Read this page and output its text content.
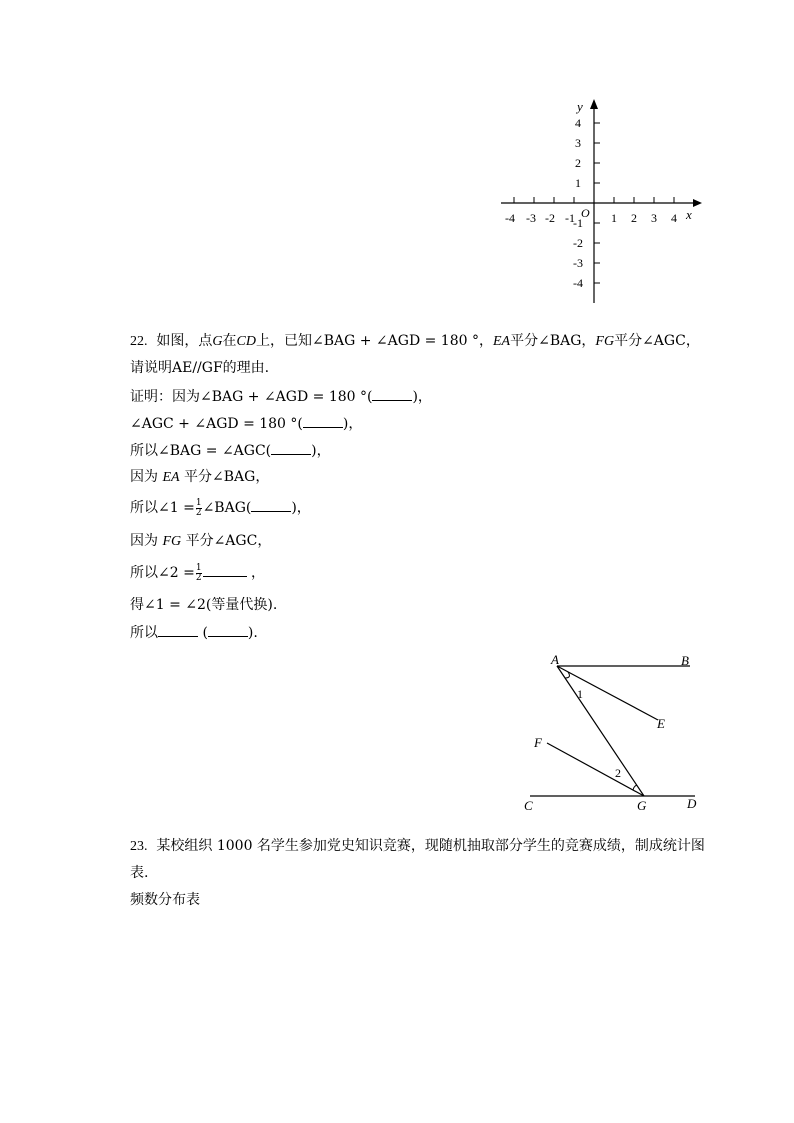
-4 -3 -2 -1	1 2 3 4
4
3
2
1
-1
-2
-3
-4
O	x
y
22. 如图，点G在CD上，已知∠BAG + ∠AGD = 180 °，EA平分∠BAG，FG平分∠AGC，
请说明AE//GF的理由.
证明：因为∠BAG + ∠AGD = 180 °(	)，
∠AGC + ∠AGD = 180 °(	)，
所以∠BAG = ∠AGC(	)，
因为 EA 平分∠BAG，
所以∠1 = $\frac{1}{2}$ ∠BAG(	)，
因为 FG 平分∠AGC，
所以∠2 = $\frac{1}{2}$	，
得∠1 = ∠2(等量代换).
所以	(	).
A	B
E
F
C	G	D
1
2
23. 某校组织 1000 名学生参加党史知识竞赛，现随机抽取部分学生的竞赛成绩，制成统计图
表.
频数分布表
